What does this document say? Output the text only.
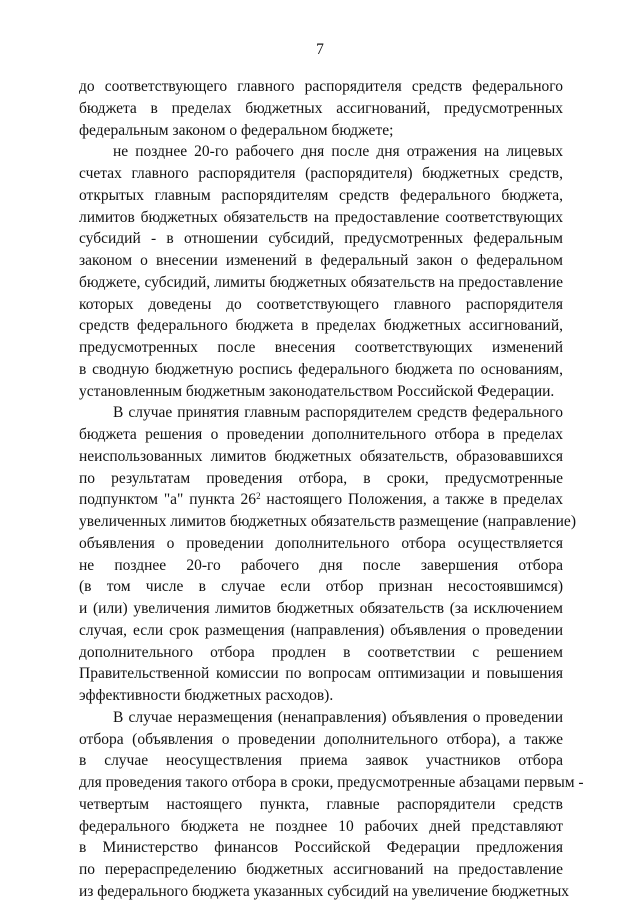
7
до соответствующего главного распорядителя средств федерального
бюджета в пределах бюджетных ассигнований, предусмотренных
федеральным законом о федеральном бюджете;
не позднее 20-го рабочего дня после дня отражения на лицевых
счетах главного распорядителя (распорядителя) бюджетных средств,
открытых главным распорядителям средств федерального бюджета,
лимитов бюджетных обязательств на предоставление соответствующих
субсидий - в отношении субсидий, предусмотренных федеральным
законом о внесении изменений в федеральный закон о федеральном
бюджете, субсидий, лимиты бюджетных обязательств на предоставление
которых доведены до соответствующего главного распорядителя
средств федерального бюджета в пределах бюджетных ассигнований,
предусмотренных после внесения соответствующих изменений
в сводную бюджетную роспись федерального бюджета по основаниям,
установленным бюджетным законодательством Российской Федерации.
В случае принятия главным распорядителем средств федерального
бюджета решения о проведении дополнительного отбора в пределах
неиспользованных лимитов бюджетных обязательств, образовавшихся
по результатам проведения отбора, в сроки, предусмотренные
подпунктом "а" пункта $26^2$ настоящего Положения, а также в пределах
увеличенных лимитов бюджетных обязательств размещение (направление)
объявления о проведении дополнительного отбора осуществляется
не позднее 20-го рабочего дня после завершения отбора
(в том числе в случае если отбор признан несостоявшимся)
и (или) увеличения лимитов бюджетных обязательств (за исключением
случая, если срок размещения (направления) объявления о проведении
дополнительного отбора продлен в соответствии с решением
Правительственной комиссии по вопросам оптимизации и повышения
эффективности бюджетных расходов).
В случае неразмещения (ненаправления) объявления о проведении
отбора (объявления о проведении дополнительного отбора), а также
в случае неосуществления приема заявок участников отбора
для проведения такого отбора в сроки, предусмотренные абзацами первым -
четвертым настоящего пункта, главные распорядители средств
федерального бюджета не позднее 10 рабочих дней представляют
в Министерство финансов Российской Федерации предложения
по перераспределению бюджетных ассигнований на предоставление
из федерального бюджета указанных субсидий на увеличение бюджетных
